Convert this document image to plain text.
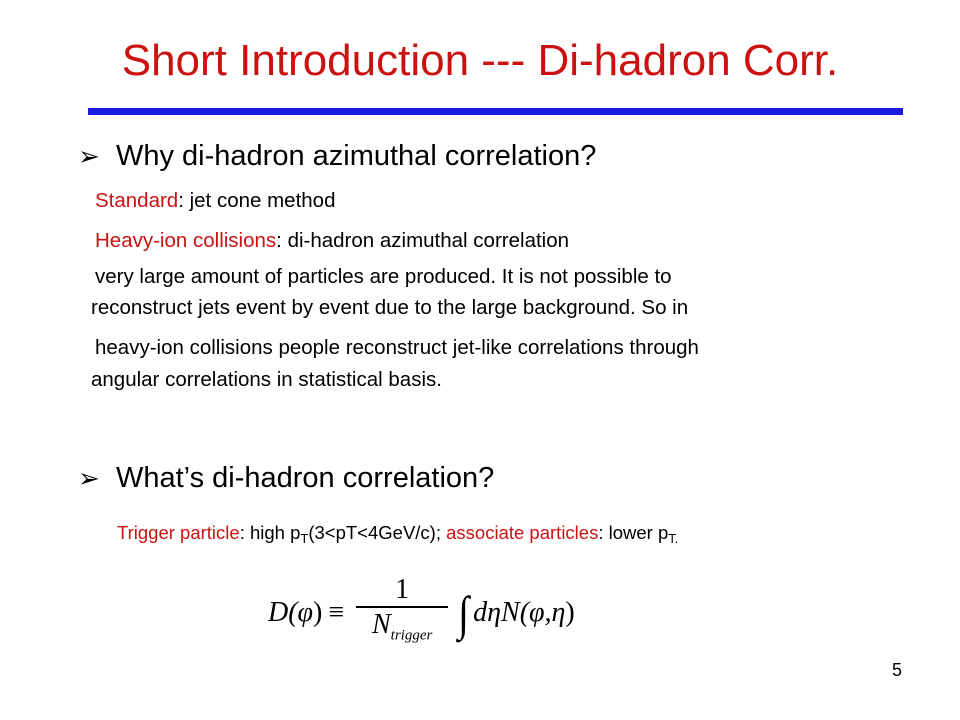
Short Introduction --- Di-hadron Corr.
➢ Why di-hadron azimuthal correlation?
Standard: jet cone method
Heavy-ion collisions: di-hadron azimuthal correlation
very large amount of particles are produced. It is not possible to
reconstruct jets event by event due to the large background. So in
heavy-ion collisions people reconstruct jet-like correlations through
angular correlations in statistical basis.
➢ What’s di-hadron correlation?
Trigger particle: high $p_T(3<pT<4GeV/c)$; associate particles: lower $p_{T.}$
D( φ ) ≡ $\frac{1}{N_{trigger}}$ ∫ d η N( φ, η )
5
